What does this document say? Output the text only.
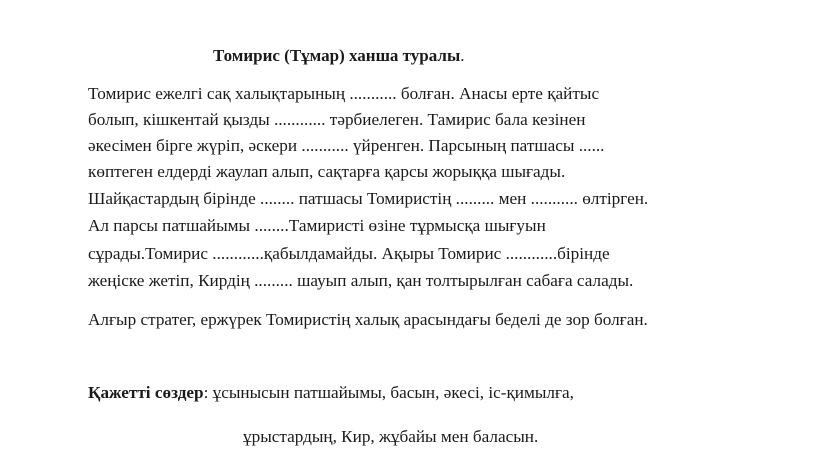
Томирис (Тұмар) ханша туралы.
Томирис ежелгі сақ халықтарының ........... болған. Анасы ерте қайтыс
болып, кішкентай қызды ............ тәрбиелеген. Тамирис бала кезінен
әкесімен бірге жүріп, әскери ........... үйренген. Парсының патшасы ......
көптеген елдерді жаулап алып, сақтарға қарсы жорыққа шығады.
Шайқастардың бірінде ........ патшасы Томиристің ......... мен ........... өлтірген.
Ал парсы патшайымы ........Тамиристі өзіне тұрмысқа шығуын
сұрады.Томирис ............қабылдамайды. Ақыры Томирис ............бірінде
жеңіске жетіп, Кирдің ......... шауып алып, қан толтырылған сабаға салады.
Алғыр стратег, ержүрек Томиристің халық арасындағы беделі де зор болған.
Қажетті сөздер: ұсынысын патшайымы, басын, әкесі, іс-қимылға,
ұрыстардың, Кир, жұбайы мен баласын.
